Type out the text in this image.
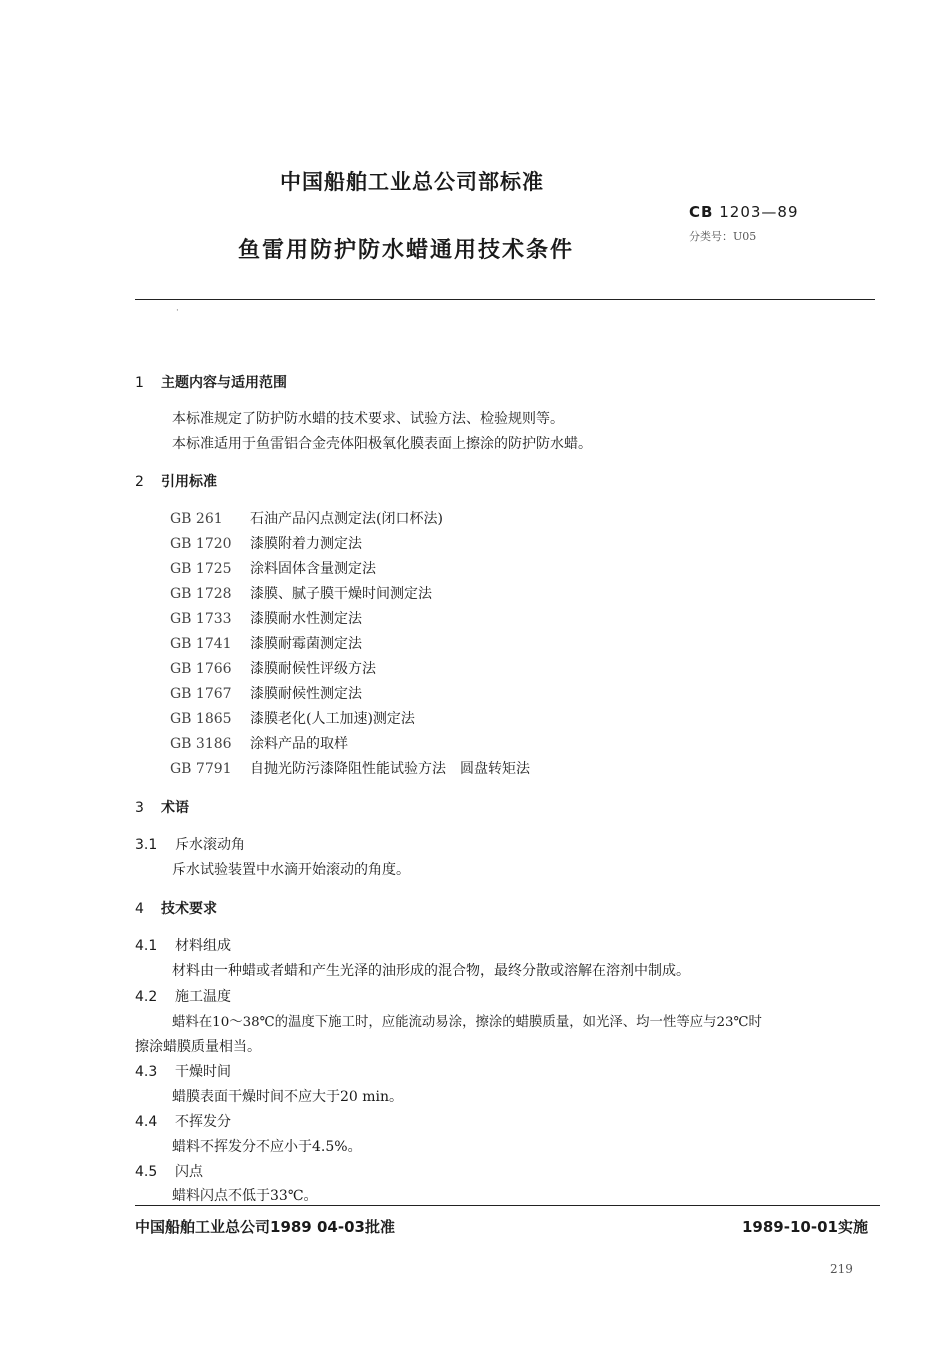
中国船舶工业总公司部标准
CB 1203—89
分类号：U05
鱼雷用防护防水蜡通用技术条件
·
1 主题内容与适用范围
本标准规定了防护防水蜡的技术要求、试验方法、检验规则等。
本标准适用于鱼雷铝合金壳体阳极氧化膜表面上擦涂的防护防水蜡。
2 引用标准
GB 261 石油产品闪点测定法(闭口杯法)
GB 1720 漆膜附着力测定法
GB 1725 涂料固体含量测定法
GB 1728 漆膜、腻子膜干燥时间测定法
GB 1733 漆膜耐水性测定法
GB 1741 漆膜耐霉菌测定法
GB 1766 漆膜耐候性评级方法
GB 1767 漆膜耐候性测定法
GB 1865 漆膜老化(人工加速)测定法
GB 3186 涂料产品的取样
GB 7791 自抛光防污漆降阻性能试验方法　圆盘转矩法
3 术语
3.1 斥水滚动角
斥水试验装置中水滴开始滚动的角度。
4 技术要求
4.1 材料组成
材料由一种蜡或者蜡和产生光泽的油形成的混合物，最终分散或溶解在溶剂中制成。
4.2 施工温度
蜡料在10～38℃的温度下施工时，应能流动易涂，擦涂的蜡膜质量，如光泽、均一性等应与23℃时
擦涂蜡膜质量相当。
4.3 干燥时间
蜡膜表面干燥时间不应大于20 min。
4.4 不挥发分
蜡料不挥发分不应小于4.5%。
4.5 闪点
蜡料闪点不低于33℃。
中国船舶工业总公司1989 04-03批准	1989-10-01实施
219
